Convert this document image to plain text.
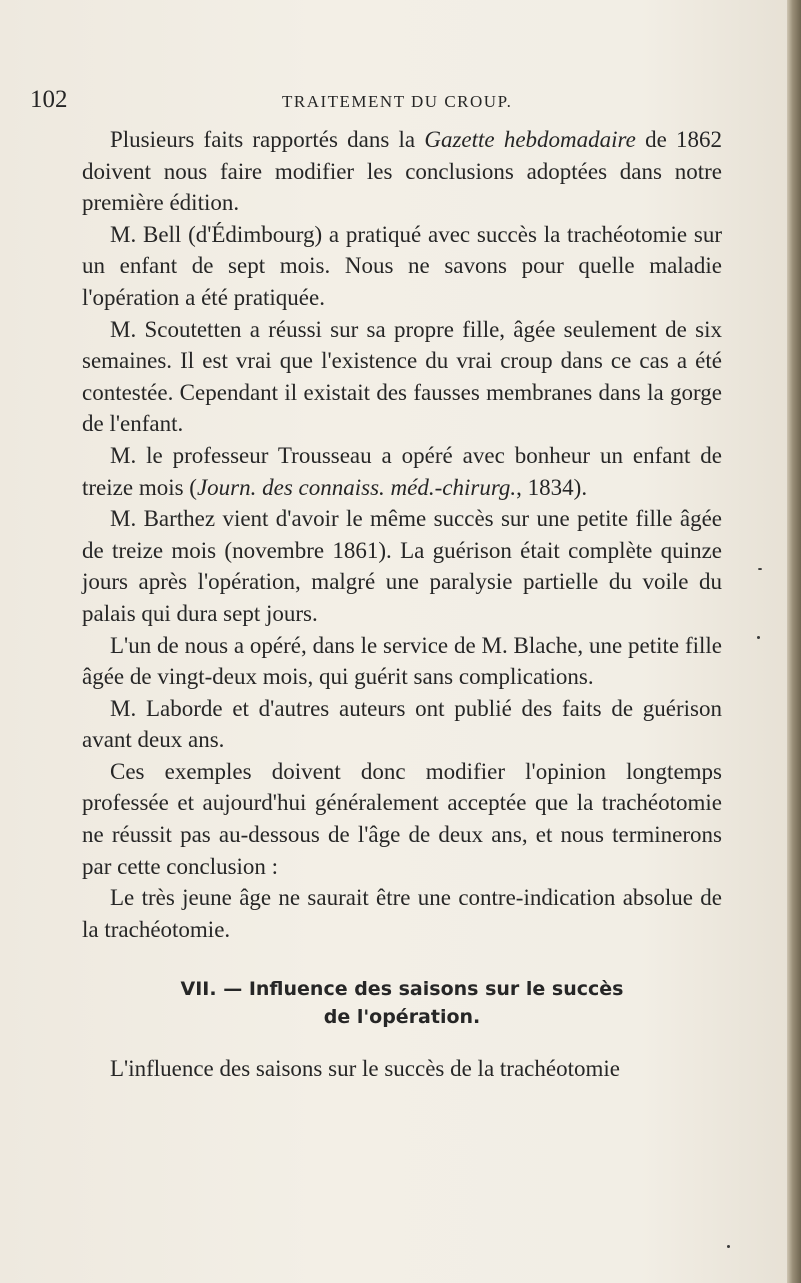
102	TRAITEMENT DU CROUP.

Plusieurs faits rapportés dans la Gazette hebdomadaire de 1862 doivent nous faire modifier les conclusions adoptées dans notre première édition.

M. Bell (d'Édimbourg) a pratiqué avec succès la trachéotomie sur un enfant de sept mois. Nous ne savons pour quelle maladie l'opération a été pratiquée.

M. Scoutetten a réussi sur sa propre fille, âgée seulement de six semaines. Il est vrai que l'existence du vrai croup dans ce cas a été contestée. Cependant il existait des fausses membranes dans la gorge de l'enfant.

M. le professeur Trousseau a opéré avec bonheur un enfant de treize mois (Journ. des connaiss. méd.-chirurg., 1834).

M. Barthez vient d'avoir le même succès sur une petite fille âgée de treize mois (novembre 1861). La guérison était complète quinze jours après l'opération, malgré une paralysie partielle du voile du palais qui dura sept jours.

L'un de nous a opéré, dans le service de M. Blache, une petite fille âgée de vingt-deux mois, qui guérit sans complications.

M. Laborde et d'autres auteurs ont publié des faits de guérison avant deux ans.

Ces exemples doivent donc modifier l'opinion longtemps professée et aujourd'hui généralement acceptée que la trachéotomie ne réussit pas au-dessous de l'âge de deux ans, et nous terminerons par cette conclusion :

Le très jeune âge ne saurait être une contre-indication absolue de la trachéotomie.

VII. — Influence des saisons sur le succès
de l'opération.

L'influence des saisons sur le succès de la trachéotomie
